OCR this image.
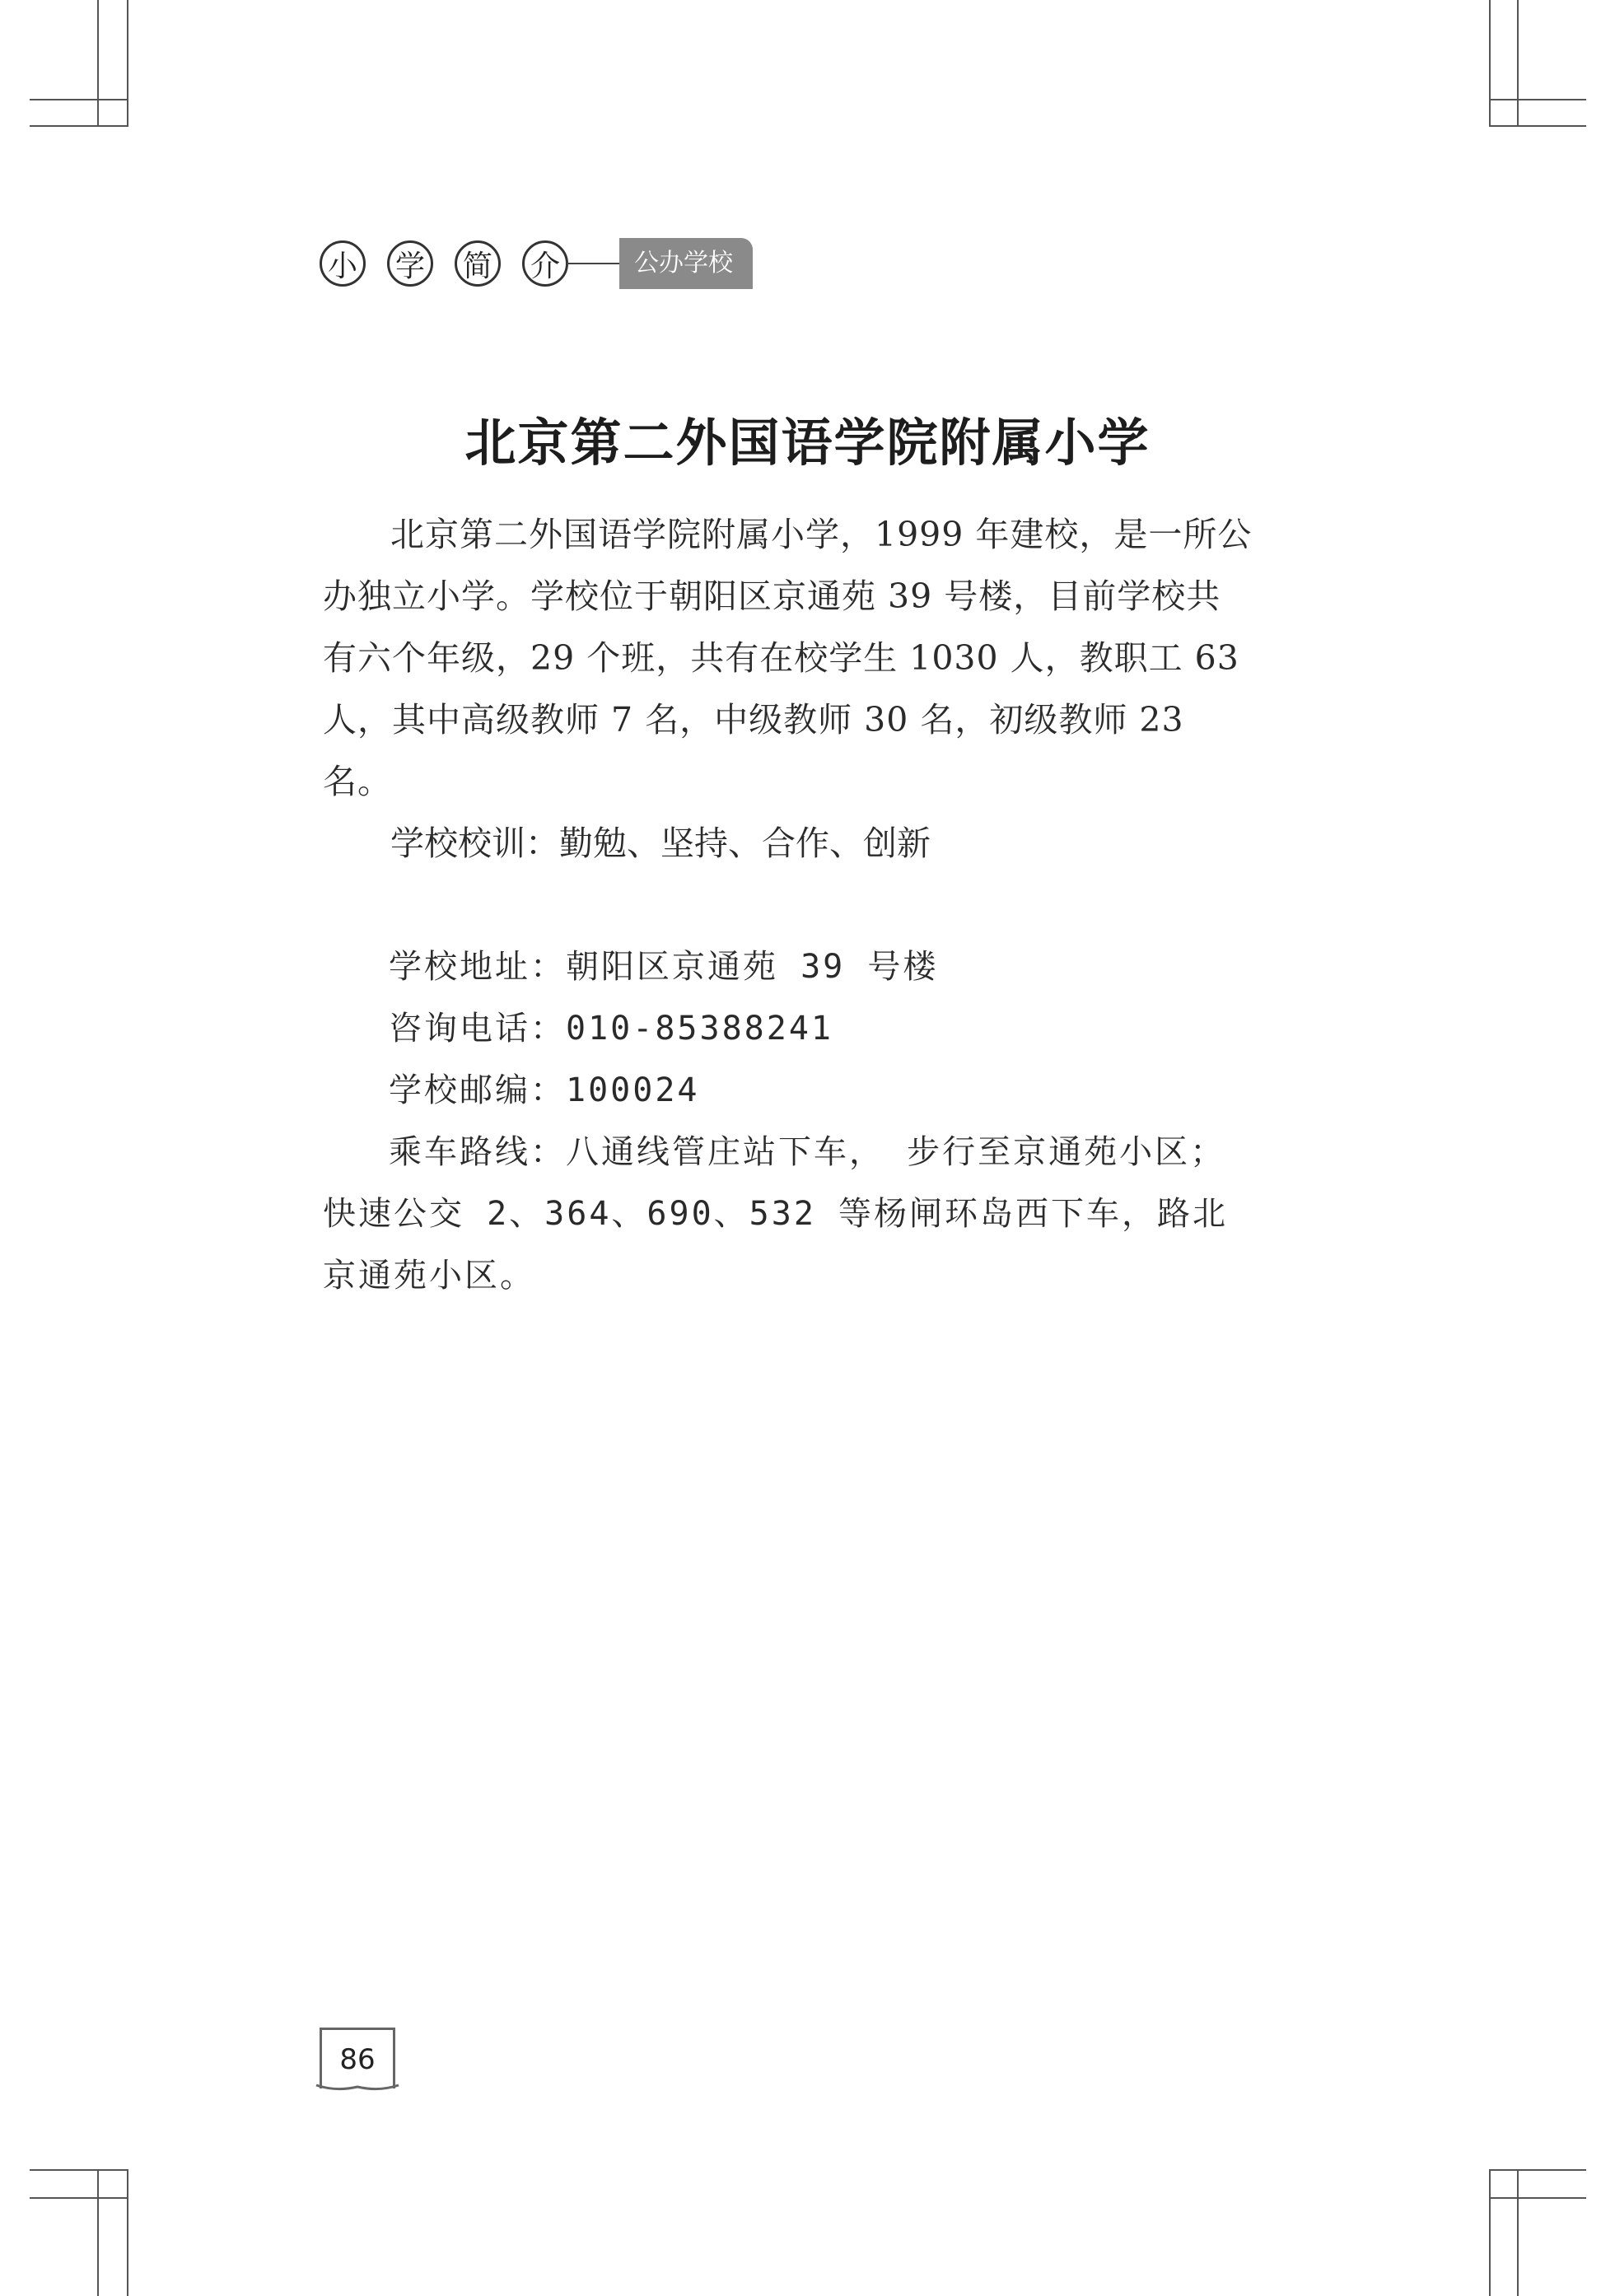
小 学 简 介	公办学校
北京第二外国语学院附属小学

北京第二外国语学院附属小学，1999 年建校，是一所公办独立小学。学校位于朝阳区京通苑 39 号楼，目前学校共有六个年级，29 个班，共有在校学生 1030 人，教职工 63 人，其中高级教师 7 名，中级教师 30 名，初级教师 23 名。

学校校训：勤勉、坚持、合作、创新

学校地址：朝阳区京通苑 39 号楼

咨询电话：010-85388241

学校邮编：100024

乘车路线：八通线管庄站下车， 步行至京通苑小区；快速公交 2、364、690、532 等杨闸环岛西下车，路北京通苑小区。

86
